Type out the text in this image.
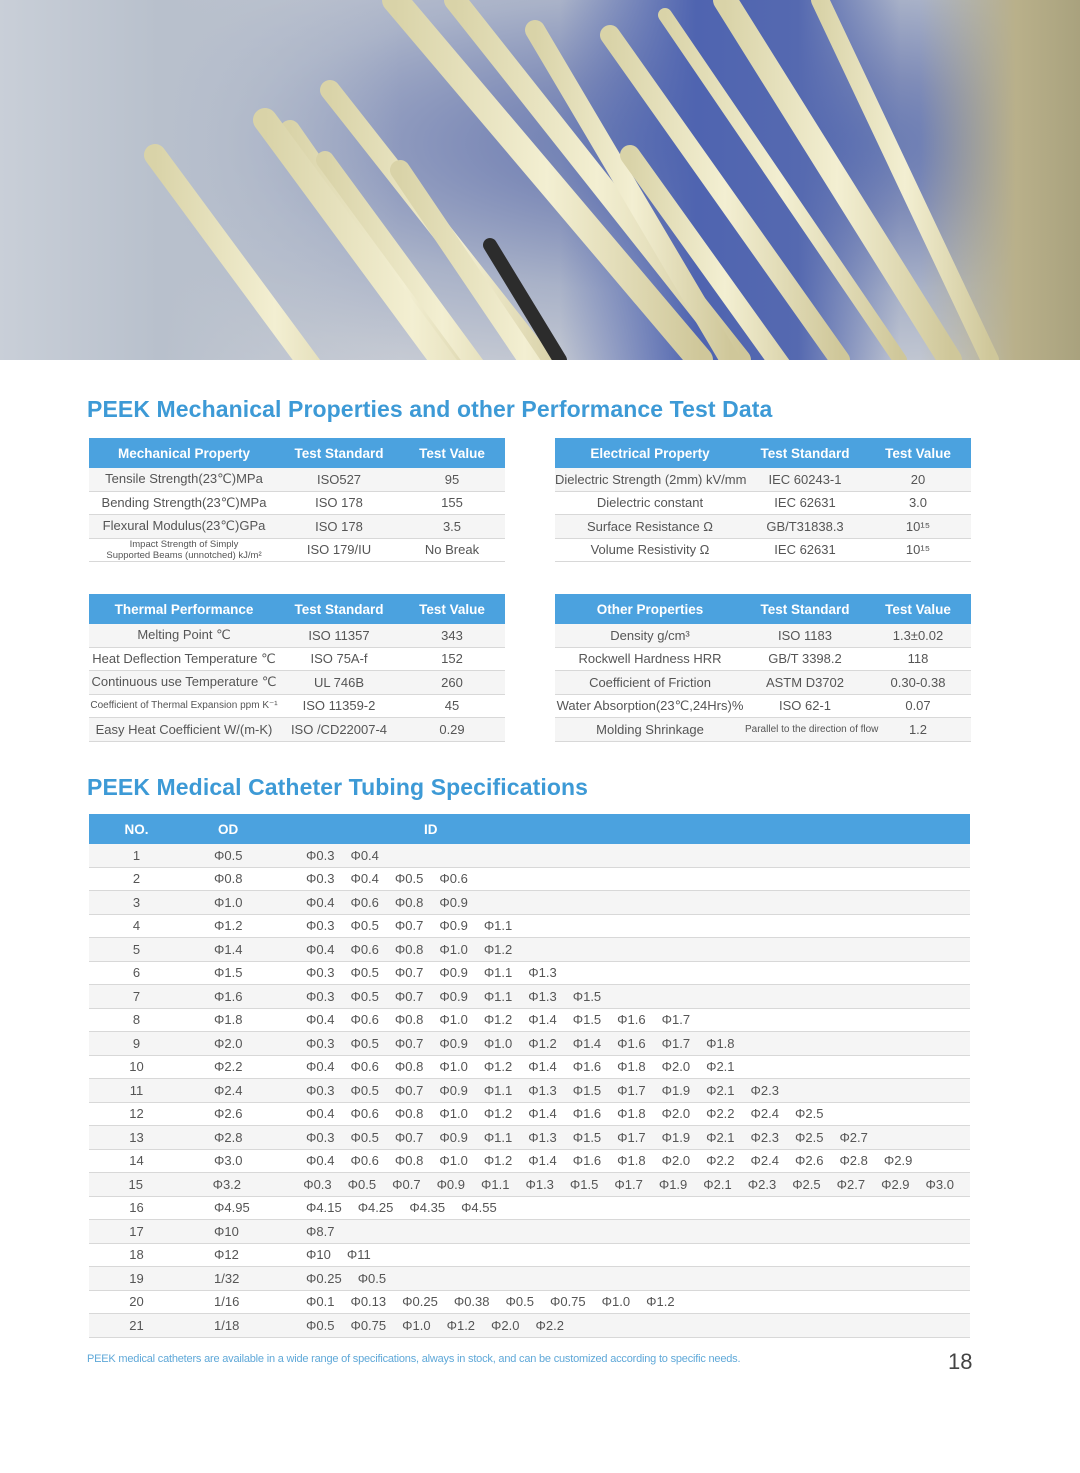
PEEK Mechanical Properties and other Performance Test Data
Mechanical Property	Test Standard	Test Value
Tensile Strength(23℃)MPa	ISO527	95
Bending Strength(23℃)MPa	ISO 178	155
Flexural Modulus(23℃)GPa	ISO 178	3.5
Impact Strength of Simply
Supported Beams (unnotched) kJ/m²	ISO 179/IU	No Break
Electrical Property	Test Standard	Test Value
Dielectric Strength (2mm) kV/mm	IEC 60243-1	20
Dielectric constant	IEC 62631	3.0
Surface Resistance Ω	GB/T31838.3	10¹⁵
Volume Resistivity Ω	IEC 62631	10¹⁵
Thermal Performance	Test Standard	Test Value
Melting Point ℃	ISO 11357	343
Heat Deflection Temperature ℃	ISO 75A-f	152
Continuous use Temperature ℃	UL 746B	260
Coefficient of Thermal Expansion ppm K⁻¹	ISO 11359-2	45
Easy Heat Coefficient W/(m-K)	ISO /CD22007-4	0.29
Other Properties	Test Standard	Test Value
Density g/cm³	ISO 1183	1.3±0.02
Rockwell Hardness HRR	GB/T 3398.2	118
Coefficient of Friction	ASTM D3702	0.30-0.38
Water Absorption(23℃,24Hrs)%	ISO 62-1	0.07
Molding Shrinkage	Parallel to the direction of flow	1.2
PEEK Medical Catheter Tubing Specifications
NO.	OD	ID
1	Φ0.5	Φ0.3 Φ0.4
2	Φ0.8	Φ0.3 Φ0.4 Φ0.5 Φ0.6
3	Φ1.0	Φ0.4 Φ0.6 Φ0.8 Φ0.9
4	Φ1.2	Φ0.3 Φ0.5 Φ0.7 Φ0.9 Φ1.1
5	Φ1.4	Φ0.4 Φ0.6 Φ0.8 Φ1.0 Φ1.2
6	Φ1.5	Φ0.3 Φ0.5 Φ0.7 Φ0.9 Φ1.1 Φ1.3
7	Φ1.6	Φ0.3 Φ0.5 Φ0.7 Φ0.9 Φ1.1 Φ1.3 Φ1.5
8	Φ1.8	Φ0.4 Φ0.6 Φ0.8 Φ1.0 Φ1.2 Φ1.4 Φ1.5 Φ1.6 Φ1.7
9	Φ2.0	Φ0.3 Φ0.5 Φ0.7 Φ0.9 Φ1.0 Φ1.2 Φ1.4 Φ1.6 Φ1.7 Φ1.8
10	Φ2.2	Φ0.4 Φ0.6 Φ0.8 Φ1.0 Φ1.2 Φ1.4 Φ1.6 Φ1.8 Φ2.0 Φ2.1
11	Φ2.4	Φ0.3 Φ0.5 Φ0.7 Φ0.9 Φ1.1 Φ1.3 Φ1.5 Φ1.7 Φ1.9 Φ2.1 Φ2.3
12	Φ2.6	Φ0.4 Φ0.6 Φ0.8 Φ1.0 Φ1.2 Φ1.4 Φ1.6 Φ1.8 Φ2.0 Φ2.2 Φ2.4 Φ2.5
13	Φ2.8	Φ0.3 Φ0.5 Φ0.7 Φ0.9 Φ1.1 Φ1.3 Φ1.5 Φ1.7 Φ1.9 Φ2.1 Φ2.3 Φ2.5 Φ2.7
14	Φ3.0	Φ0.4 Φ0.6 Φ0.8 Φ1.0 Φ1.2 Φ1.4 Φ1.6 Φ1.8 Φ2.0 Φ2.2 Φ2.4 Φ2.6 Φ2.8 Φ2.9
15	Φ3.2	Φ0.3 Φ0.5 Φ0.7 Φ0.9 Φ1.1 Φ1.3 Φ1.5 Φ1.7 Φ1.9 Φ2.1 Φ2.3 Φ2.5 Φ2.7 Φ2.9 Φ3.0
16	Φ4.95	Φ4.15 Φ4.25 Φ4.35 Φ4.55
17	Φ10	Φ8.7
18	Φ12	Φ10 Φ11
19	1/32	Φ0.25 Φ0.5
20	1/16	Φ0.1 Φ0.13 Φ0.25 Φ0.38 Φ0.5 Φ0.75 Φ1.0 Φ1.2
21	1/18	Φ0.5 Φ0.75 Φ1.0 Φ1.2 Φ2.0 Φ2.2
PEEK medical catheters are available in a wide range of specifications, always in stock, and can be customized according to specific needs.	18
